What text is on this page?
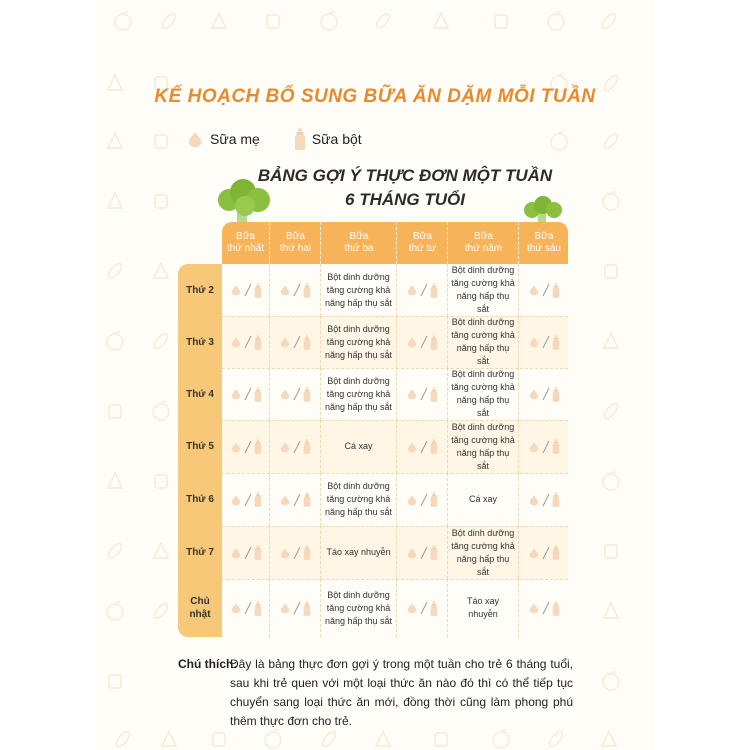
KẾ HOẠCH BỔ SUNG BỮA ĂN DẶM MỖI TUẦN
Sữa mẹ	Sữa bột
BẢNG GỢI Ý THỰC ĐƠN MỘT TUẦN
6 THÁNG TUỔI
Bữa
thứ nhất
Bữa
thứ hai
Bữa
thứ ba
Bữa
thứ tư
Bữa
thứ năm
Bữa
thứ sáu
Thứ 2
Thứ 3
Thứ 4
Thứ 5
Thứ 6
Thứ 7
Chủ nhật
Bột dinh dưỡng tăng cường khả năng hấp thụ sắt
Bột dinh dưỡng tăng cường khả năng hấp thụ sắt
Bột dinh dưỡng tăng cường khả năng hấp thụ sắt
Bột dinh dưỡng tăng cường khả năng hấp thụ sắt
Bột dinh dưỡng tăng cường khả năng hấp thụ sắt
Bột dinh dưỡng tăng cường khả năng hấp thụ sắt
Cá xay
Bột dinh dưỡng tăng cường khả năng hấp thụ sắt
Bột dinh dưỡng tăng cường khả năng hấp thụ sắt
Cá xay
Táo xay nhuyễn
Bột dinh dưỡng tăng cường khả năng hấp thụ sắt
Bột dinh dưỡng tăng cường khả năng hấp thụ sắt
Táo xay nhuyễn
Chú thích:
Đây là bảng thực đơn gợi ý trong một tuần cho trẻ 6 tháng tuổi, sau khi trẻ quen với một loại thức ăn nào đó thì có thể tiếp tục chuyển sang loại thức ăn mới, đồng thời cũng làm phong phú thêm thực đơn cho trẻ.
